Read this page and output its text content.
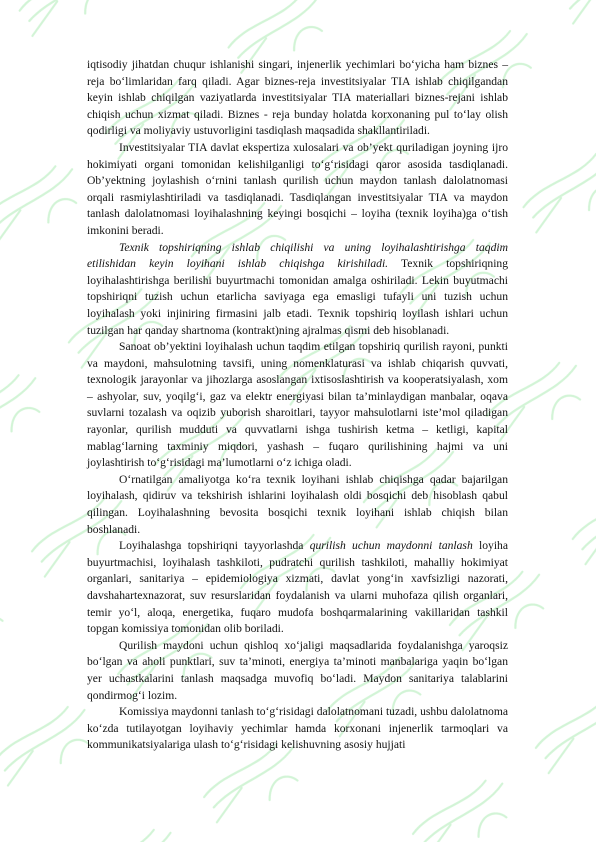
iqtisodiy jihatdan chuqur ishlanishi singari, injenerlik yechimlari bo‘yicha ham biznes – reja bo‘limlaridan farq qiladi. Agar biznes-reja investitsiyalar TIA ishlab chiqilgandan keyin ishlab chiqilgan vaziyatlarda investitsiyalar TIA materiallari biznes-rejani ishlab chiqish uchun xizmat qiladi. Biznes - reja bunday holatda korxonaning pul to‘lay olish qodirligi va moliyaviy ustuvorligini tasdiqlash maqsadida shakllantiriladi.

Investitsiyalar TIA davlat ekspertiza xulosalari va ob’yekt quriladigan joyning ijro hokimiyati organi tomonidan kelishilganligi to‘g‘risidagi qaror asosida tasdiqlanadi. Ob’yektning joylashish o‘rnini tanlash qurilish uchun maydon tanlash dalolatnomasi orqali rasmiylashtiriladi va tasdiqlanadi. Tasdiqlangan investitsiyalar TIA va maydon tanlash dalolatnomasi loyihalashning keyingi bosqichi – loyiha (texnik loyiha)ga o‘tish imkonini beradi.

Texnik topshiriqning ishlab chiqilishi va uning loyihalashtirishga taqdim etilishidan keyin loyihani ishlab chiqishga kirishiladi. Texnik topshiriqning loyihalashtirishga berilishi buyurtmachi tomonidan amalga oshiriladi. Lekin buyutmachi topshiriqni tuzish uchun etarlicha saviyaga ega emasligi tufayli uni tuzish uchun loyihalash yoki injiniring firmasini jalb etadi. Texnik topshiriq loyilash ishlari uchun tuzilgan har qanday shartnoma (kontrakt)ning ajralmas qismi deb hisoblanadi.

Sanoat ob’yektini loyihalash uchun taqdim etilgan topshiriq qurilish rayoni, punkti va maydoni, mahsulotning tavsifi, uning nomenklaturasi va ishlab chiqarish quvvati, texnologik jarayonlar va jihozlarga asoslangan ixtisoslashtirish va kooperatsiyalash, xom – ashyolar, suv, yoqilg‘i, gaz va elektr energiyasi bilan ta’minlaydigan manbalar, oqava suvlarni tozalash va oqizib yuborish sharoitlari, tayyor mahsulotlarni iste’mol qiladigan rayonlar, qurilish mudduti va quvvatlarni ishga tushirish ketma – ketligi, kapital mablag‘larning taxminiy miqdori, yashash – fuqaro qurilishining hajmi va uni joylashtirish to‘g‘risidagi ma’lumotlarni o‘z ichiga oladi.

O‘rnatilgan amaliyotga ko‘ra texnik loyihani ishlab chiqishga qadar bajarilgan loyihalash, qidiruv va tekshirish ishlarini loyihalash oldi bosqichi deb hisoblash qabul qilingan. Loyihalashning bevosita bosqichi texnik loyihani ishlab chiqish bilan boshlanadi.

Loyihalashga topshiriqni tayyorlashda qurilish uchun maydonni tanlash loyiha buyurtmachisi, loyihalash tashkiloti, pudratchi qurilish tashkiloti, mahalliy hokimiyat organlari, sanitariya – epidemiologiya xizmati, davlat yong‘in xavfsizligi nazorati, davshahartexnazorat, suv resurslaridan foydalanish va ularni muhofaza qilish organlari, temir yo‘l, aloqa, energetika, fuqaro mudofa boshqarmalarining vakillaridan tashkil topgan komissiya tomonidan olib boriladi.

Qurilish maydoni uchun qishloq xo‘jaligi maqsadlarida foydalanishga yaroqsiz bo‘lgan va aholi punktlari, suv ta’minoti, energiya ta’minoti manbalariga yaqin bo‘lgan yer uchastkalarini tanlash maqsadga muvofiq bo‘ladi. Maydon sanitariya talablarini qondirmog‘i lozim.

Komissiya maydonni tanlash to‘g‘risidagi dalolatnomani tuzadi, ushbu dalolatnoma ko‘zda tutilayotgan loyihaviy yechimlar hamda korxonani injenerlik tarmoqlari va kommunikatsiyalariga ulash to‘g‘risidagi kelishuvning asosiy hujjati
